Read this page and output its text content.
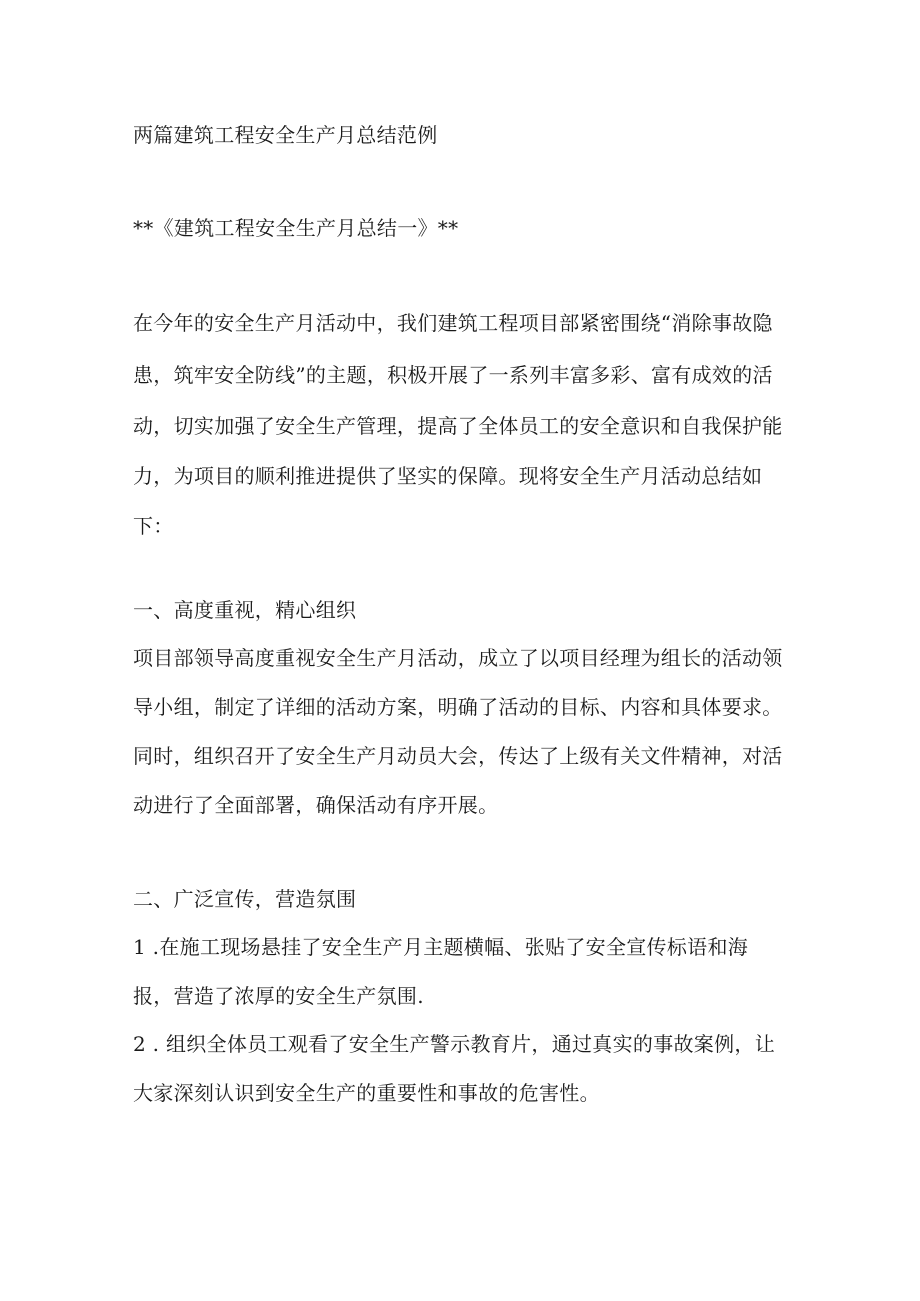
两篇建筑工程安全生产月总结范例
**《建筑工程安全生产月总结一》**
在今年的安全生产月活动中，我们建筑工程项目部紧密围绕“消除事故隐
患，筑牢安全防线”的主题，积极开展了一系列丰富多彩、富有成效的活
动，切实加强了安全生产管理，提高了全体员工的安全意识和自我保护能
力，为项目的顺利推进提供了坚实的保障。现将安全生产月活动总结如
下：
一、高度重视，精心组织
项目部领导高度重视安全生产月活动，成立了以项目经理为组长的活动领
导小组，制定了详细的活动方案，明确了活动的目标、内容和具体要求。
同时，组织召开了安全生产月动员大会，传达了上级有关文件精神，对活
动进行了全面部署，确保活动有序开展。
二、广泛宣传，营造氛围
1 .在施工现场悬挂了安全生产月主题横幅、张贴了安全宣传标语和海
报，营造了浓厚的安全生产氛围.
2 . 组织全体员工观看了安全生产警示教育片，通过真实的事故案例，让
大家深刻认识到安全生产的重要性和事故的危害性。
